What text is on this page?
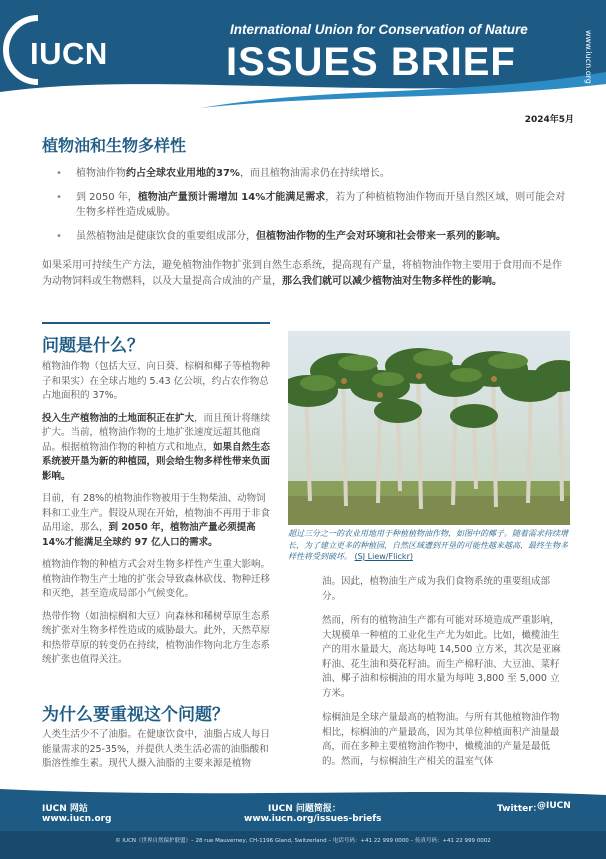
IUCN
International Union for Conservation of Nature
ISSUES BRIEF	www.iucn.org
2024年5月
植物油和生物多样性
• 植物油作物约占全球农业用地的37%，而且植物油需求仍在持续增长。
• 到 2050 年，植物油产量预计需增加 14%才能满足需求，若为了种植植物油作物而开垦自然区域，则可能会对生物多样性造成威胁。
• 虽然植物油是健康饮食的重要组成部分，但植物油作物的生产会对环境和社会带来一系列的影响。
如果采用可持续生产方法，避免植物油作物扩张到自然生态系统，提高现有产量，将植物油作物主要用于食用而不是作为动物饲料或生物燃料，以及大量提高合成油的产量，那么我们就可以减少植物油对生物多样性的影响。
问题是什么？

植物油作物（包括大豆、向日葵、棕榈和椰子等植物种子和果实）在全球占地约 5.43 亿公顷，约占农作物总占地面积的 37%。

投入生产植物油的土地面积正在扩大，而且预计将继续扩大。当前，植物油作物的土地扩张速度远超其他商品。根据植物油作物的种植方式和地点，如果自然生态系统被开垦为新的种植园，则会给生物多样性带来负面影响。

目前，有 28%的植物油作物被用于生物柴油、动物饲料和工业生产。假设从现在开始，植物油不再用于非食品用途，那么，到 2050 年，植物油产量必须提高 14%才能满足全球约 97 亿人口的需求。

植物油作物的种植方式会对生物多样性产生重大影响。植物油作物生产土地的扩张会导致森林砍伐、物种迁移和灭绝，甚至造成局部小气候变化。

热带作物（如油棕榈和大豆）向森林和稀树草原生态系统扩张对生物多样性造成的威胁最大。此外，天然草原和热带草原的转变仍在持续，植物油作物向北方生态系统扩张也值得关注。

为什么要重视这个问题？

人类生活少不了油脂。在健康饮食中，油脂占成人每日能量需求的25-35%，并提供人类生活必需的油脂酸和脂溶性维生素。现代人摄入油脂的主要来源是植物

超过三分之一的农业用地用于种植植物油作物，如图中的椰子。随着需求持续增长，为了建立更多的种植园，自然区域遭到开垦的可能性越来越高，最终生物多样性将受到破坏。 (SJ Liew/Flickr)

油。因此，植物油生产成为我们食物系统的重要组成部分。

然而，所有的植物油生产都有可能对环境造成严重影响，大规模单一种植的工业化生产尤为如此。比如，橄榄油生产的用水量最大，高达每吨 14,500 立方米，其次是亚麻籽油、花生油和葵花籽油。而生产棉籽油、大豆油、菜籽油、椰子油和棕榈油的用水量为每吨 3,800 至 5,000 立方米。

棕榈油是全球产量最高的植物油。与所有其他植物油作物相比，棕榈油的产量最高，因为其单位种植面积产油量最高，而在多种主要植物油作物中，橄榄油的产量是最低的。然而，与棕榈油生产相关的温室气体

IUCN 网站
www.iucn.org
IUCN 问题简报：
www.iucn.org/issues-briefs
Twitter：
@IUCN
© IUCN（世界自然保护联盟）– 28 rue Mauverney, CH-1196 Gland, Switzerland – 电话号码：+41 22 999 0000 – 传真号码：+41 22 999 0002
